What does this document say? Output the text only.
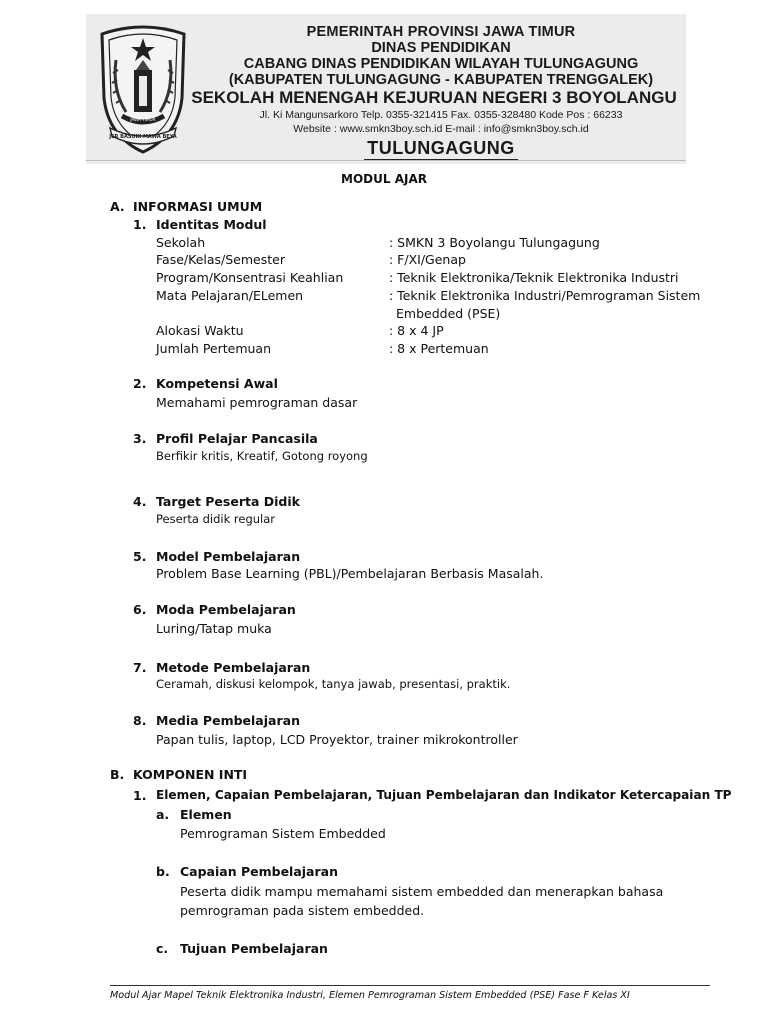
JAWA TIMUR
JER BASUKI MAWA BEYA
PEMERINTAH PROVINSI JAWA TIMUR
DINAS PENDIDIKAN
CABANG DINAS PENDIDIKAN WILAYAH TULUNGAGUNG
(KABUPATEN TULUNGAGUNG - KABUPATEN TRENGGALEK)
SEKOLAH MENENGAH KEJURUAN NEGERI 3 BOYOLANGU
Jl. Ki Mangunsarkoro Telp. 0355-321415 Fax. 0355-328480 Kode Pos : 66233
Website : www.smkn3boy.sch.id E-mail : info@smkn3boy.sch.id
TULUNGAGUNG
MODUL AJAR
A. INFORMASI UMUM
1. Identitas Modul
Sekolah	: SMKN 3 Boyolangu Tulungagung
Fase/Kelas/Semester	: F/XI/Genap
Program/Konsentrasi Keahlian	: Teknik Elektronika/Teknik Elektronika Industri
Mata Pelajaran/ELemen	: Teknik Elektronika Industri/Pemrograman Sistem
Embedded (PSE)
Alokasi Waktu	: 8 x 4 JP
Jumlah Pertemuan	: 8 x Pertemuan
2. Kompetensi Awal
Memahami pemrograman dasar
3. Profil Pelajar Pancasila
Berfikir kritis, Kreatif, Gotong royong
4. Target Peserta Didik
Peserta didik regular
5. Model Pembelajaran
Problem Base Learning (PBL)/Pembelajaran Berbasis Masalah.
6. Moda Pembelajaran
Luring/Tatap muka
7. Metode Pembelajaran
Ceramah, diskusi kelompok, tanya jawab, presentasi, praktik.
8. Media Pembelajaran
Papan tulis, laptop, LCD Proyektor, trainer mikrokontroller
B. KOMPONEN INTI
1. Elemen, Capaian Pembelajaran, Tujuan Pembelajaran dan Indikator Ketercapaian TP
a. Elemen
Pemrograman Sistem Embedded
b. Capaian Pembelajaran
Peserta didik mampu memahami sistem embedded dan menerapkan bahasa
pemrograman pada sistem embedded.
c. Tujuan Pembelajaran
Modul Ajar Mapel Teknik Elektronika Industri, Elemen Pemrograman Sistem Embedded (PSE) Fase F Kelas XI
